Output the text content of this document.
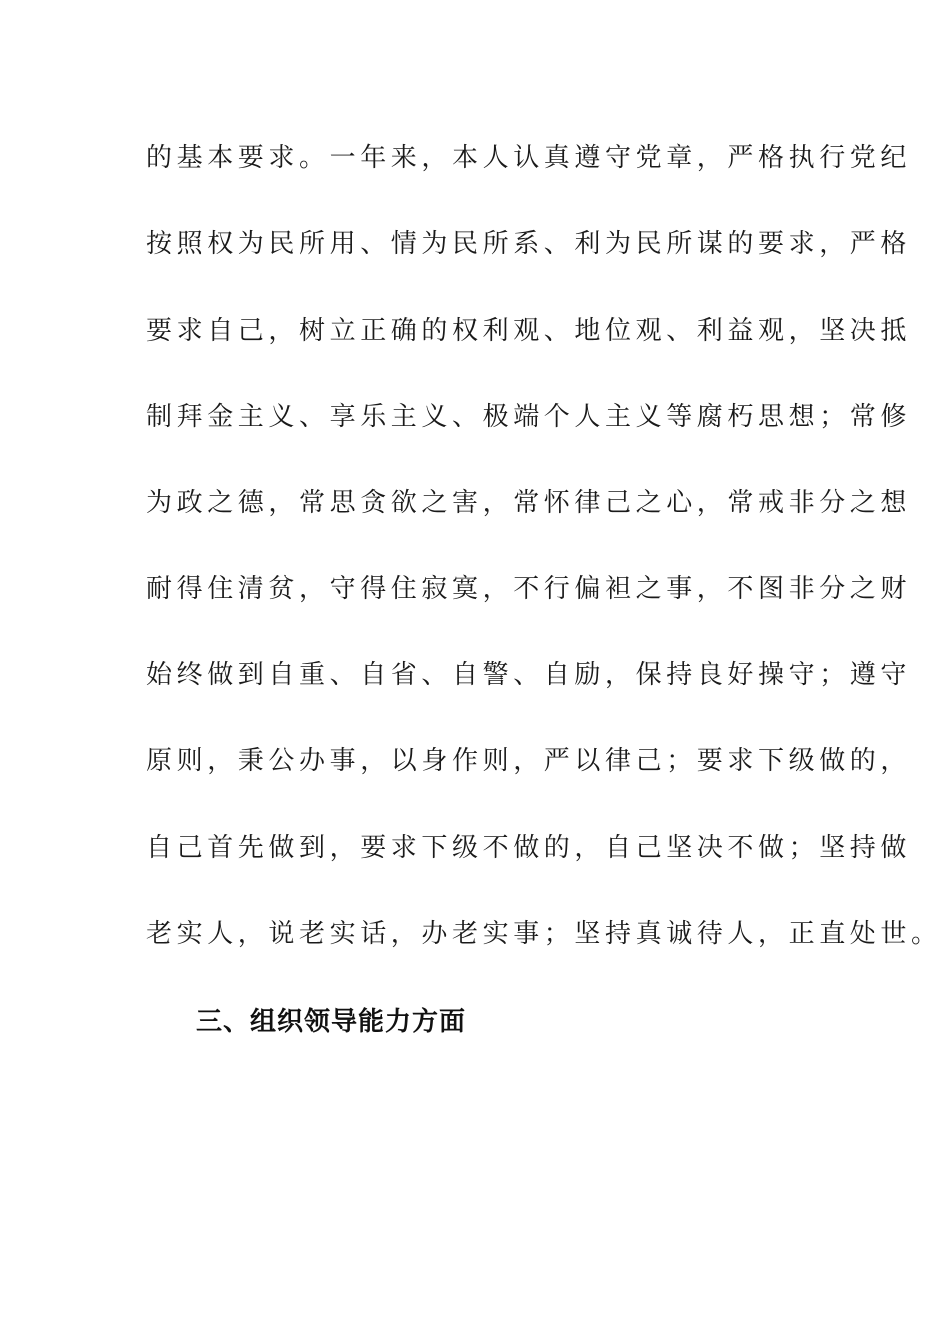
的基本要求。一年来，本人认真遵守党章，严格执行党纪
按照权为民所用、情为民所系、利为民所谋的要求，严格
要求自己，树立正确的权利观、地位观、利益观，坚决抵
制拜金主义、享乐主义、极端个人主义等腐朽思想；常修
为政之德，常思贪欲之害，常怀律己之心，常戒非分之想
耐得住清贫，守得住寂寞，不行偏袒之事，不图非分之财
始终做到自重、自省、自警、自励，保持良好操守；遵守
原则，秉公办事，以身作则，严以律己；要求下级做的，
自己首先做到，要求下级不做的，自己坚决不做；坚持做
老实人，说老实话，办老实事；坚持真诚待人，正直处世。
三、组织领导能力方面
